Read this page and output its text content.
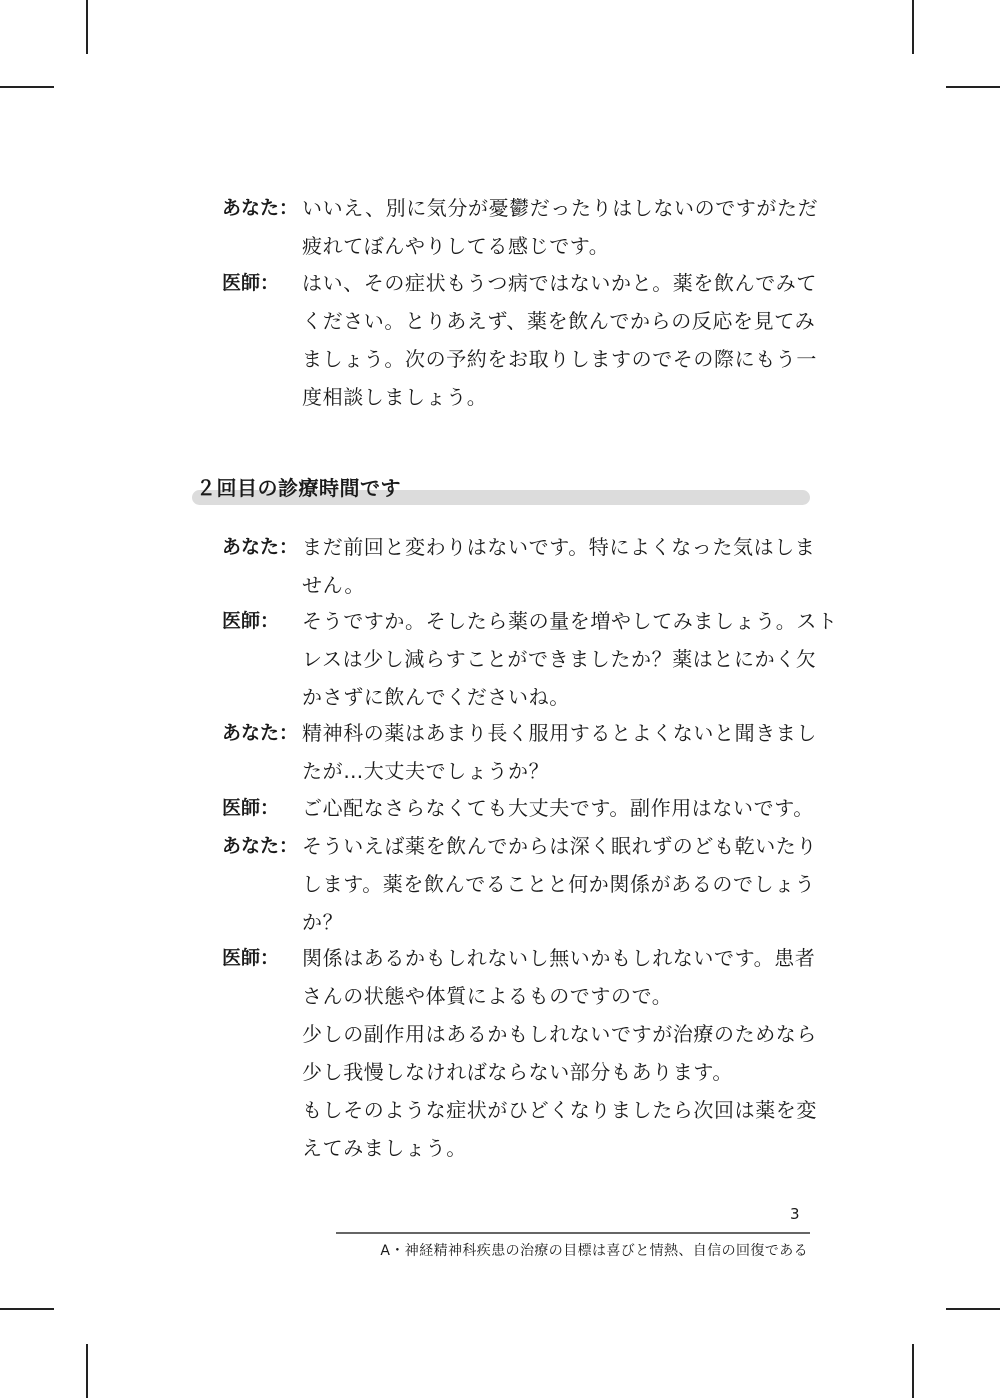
あなた： いいえ、別に気分が憂鬱だったりはしないのですがただ
疲れてぼんやりしてる感じです。
医師：	はい、その症状もうつ病ではないかと。薬を飲んでみて
ください。とりあえず、薬を飲んでからの反応を見てみ
ましょう。次の予約をお取りしますのでその際にもう一
度相談しましょう。
２回目の診療時間です
あなた： まだ前回と変わりはないです。特によくなった気はしま
せん。
医師：	そうですか。そしたら薬の量を増やしてみましょう。スト
レスは少し減らすことができましたか？薬はとにかく欠
かさずに飲んでくださいね。
あなた： 精神科の薬はあまり長く服用するとよくないと聞きまし
たが…大丈夫でしょうか？
医師：	ご心配なさらなくても大丈夫です。副作用はないです。
あなた： そういえば薬を飲んでからは深く眠れずのども乾いたり
します。薬を飲んでることと何か関係があるのでしょう
か？
医師：	関係はあるかもしれないし無いかもしれないです。患者
さんの状態や体質によるものですので。
少しの副作用はあるかもしれないですが治療のためなら
少し我慢しなければならない部分もあります。
もしそのような症状がひどくなりましたら次回は薬を変
えてみましょう。
3
A・神経精神科疾患の治療の目標は喜びと情熱、自信の回復である
